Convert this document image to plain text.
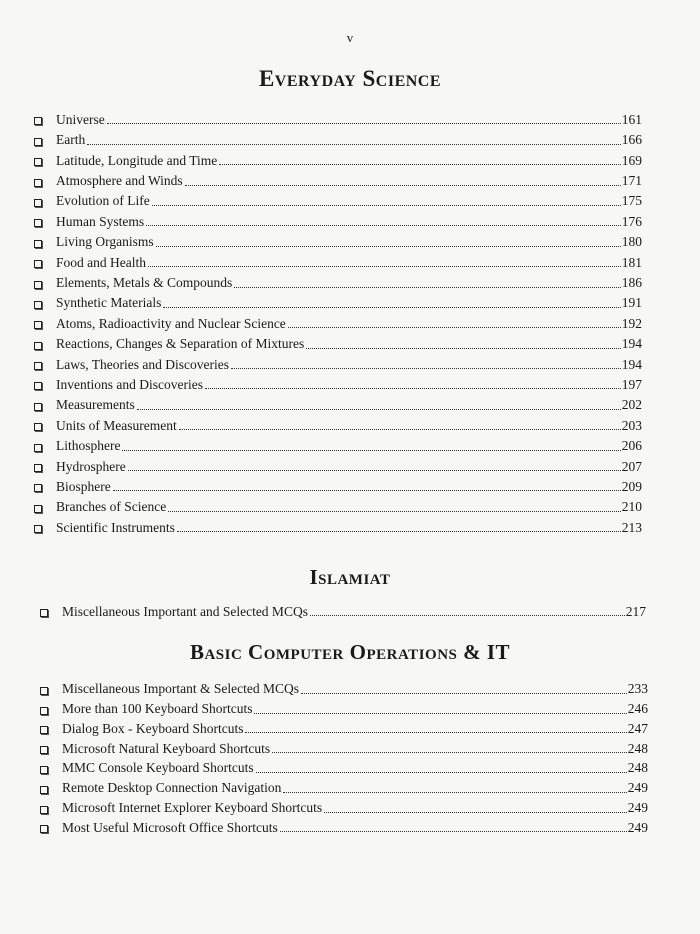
v
Everyday Science
Universe	161
Earth	166
Latitude, Longitude and Time	169
Atmosphere and Winds	171
Evolution of Life	175
Human Systems	176
Living Organisms	180
Food and Health	181
Elements, Metals & Compounds	186
Synthetic Materials	191
Atoms, Radioactivity and Nuclear Science	192
Reactions, Changes & Separation of Mixtures	194
Laws, Theories and Discoveries	194
Inventions and Discoveries	197
Measurements	202
Units of Measurement	203
Lithosphere	206
Hydrosphere	207
Biosphere	209
Branches of Science	210
Scientific Instruments	213
Islamiat
Miscellaneous Important and Selected MCQs	217
Basic Computer Operations & IT
Miscellaneous Important & Selected MCQs	233
More than 100 Keyboard Shortcuts	246
Dialog Box - Keyboard Shortcuts	247
Microsoft Natural Keyboard Shortcuts	248
MMC Console Keyboard Shortcuts	248
Remote Desktop Connection Navigation	249
Microsoft Internet Explorer Keyboard Shortcuts	249
Most Useful Microsoft Office Shortcuts	249
